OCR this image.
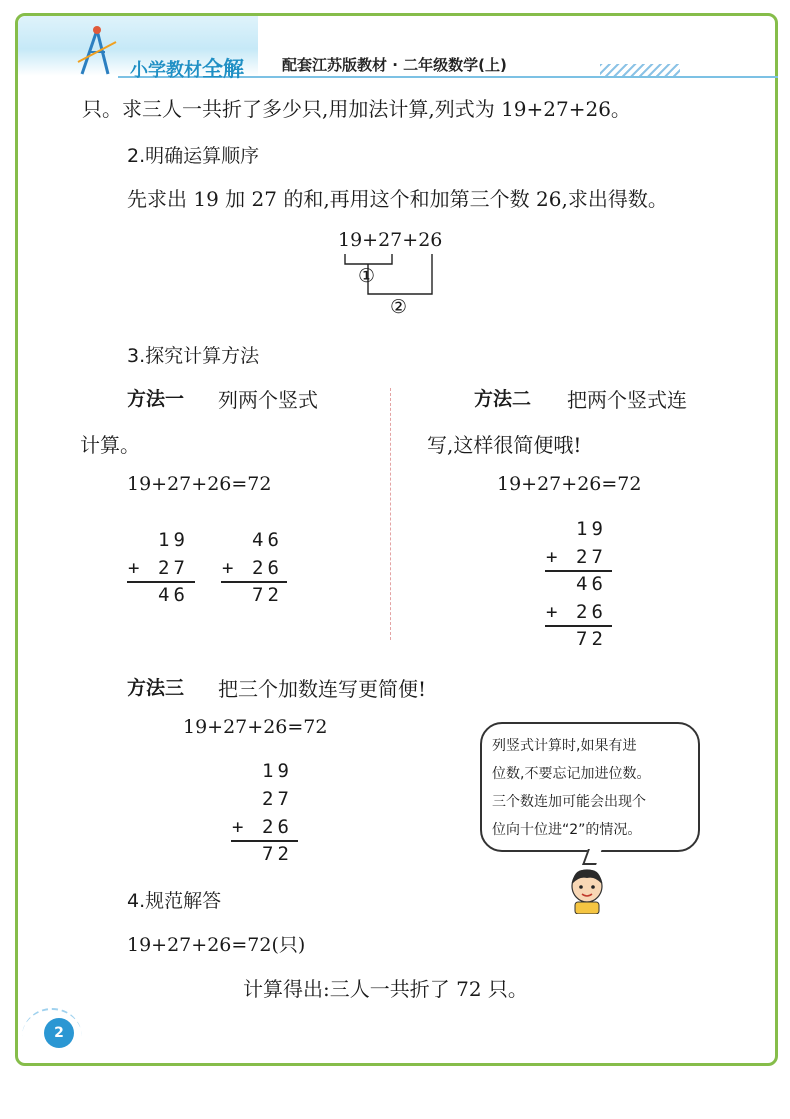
小学教材全解	配套江苏版教材 · 二年级数学(上)
只。求三人一共折了多少只,用加法计算,列式为 19+27+26。
2.明确运算顺序
先求出 19 加 27 的和,再用这个和加第三个数 26,求出得数。
19+27+26
①
②
3.探究计算方法
方法一 列两个竖式
计算。
19+27+26=72
19
+ 27
46
46
+ 26
72
方法二 把两个竖式连
写,这样很简便哦!
19+27+26=72
19
+ 27
46
+ 26
72
方法三 把三个加数连写更简便!
19+27+26=72
19
27
+ 26
72
列竖式计算时,如果有进
位数,不要忘记加进位数。
三个数连加可能会出现个
位向十位进“2”的情况。
4.规范解答
19+27+26=72(只)
计算得出:三人一共折了 72 只。
2
